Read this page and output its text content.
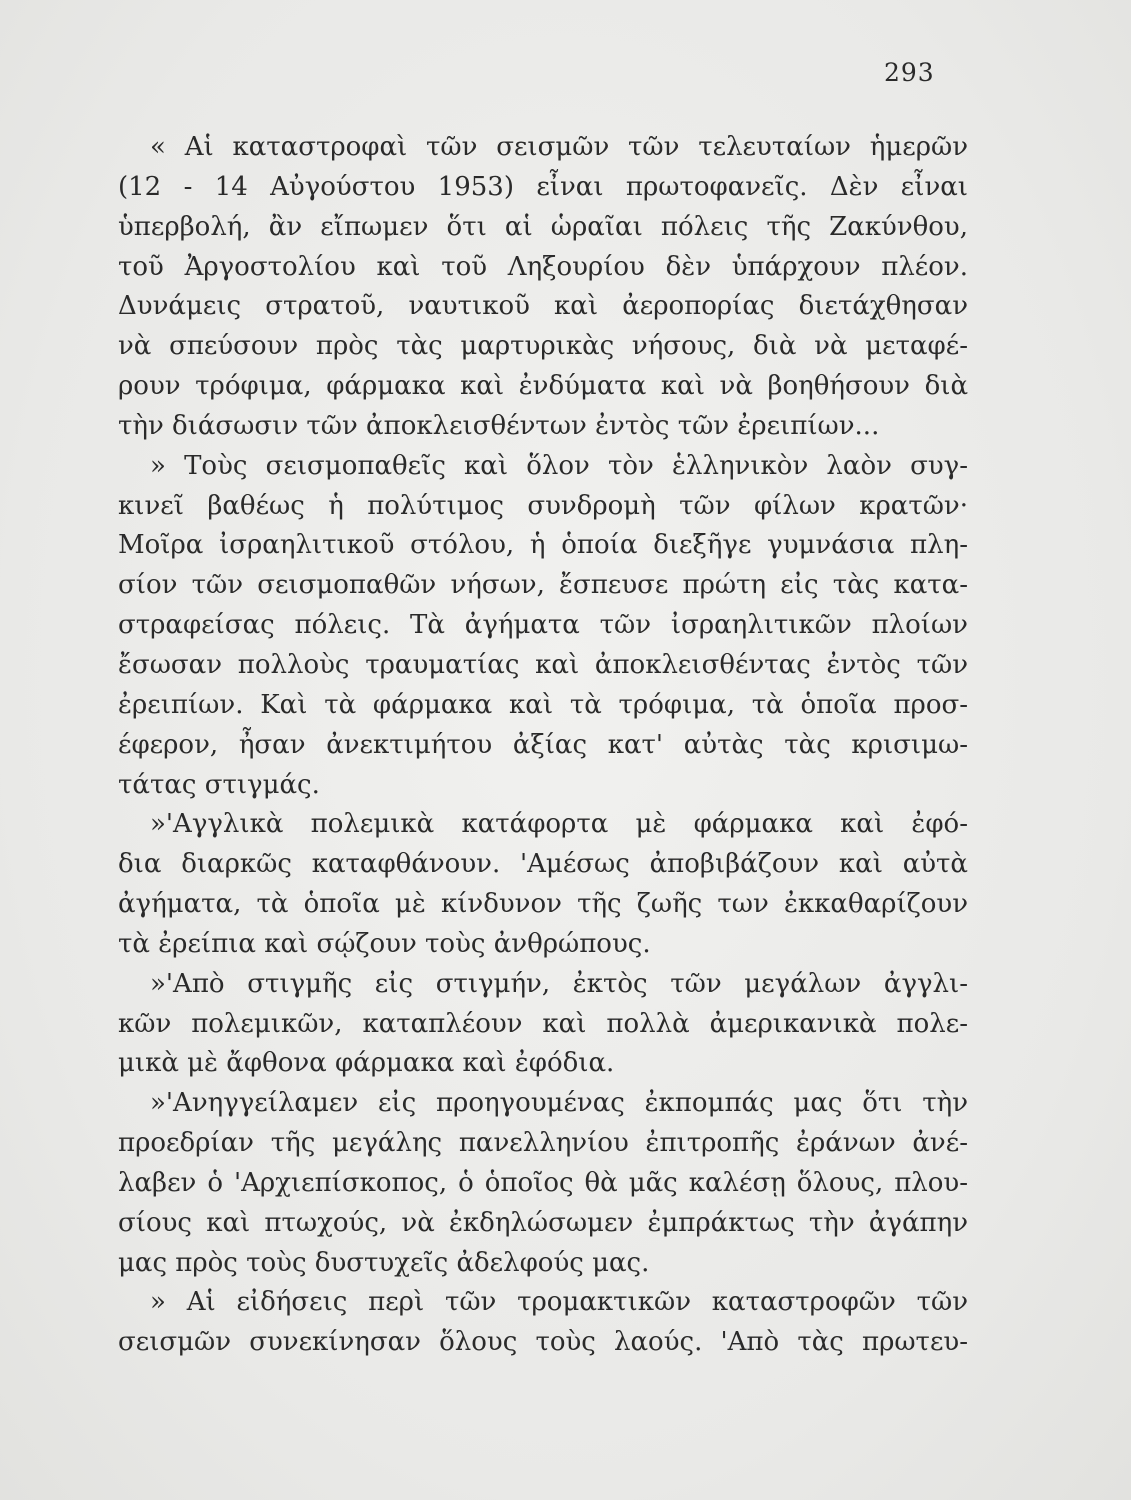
293
« Αἱ καταστροφαὶ τῶν σεισμῶν τῶν τελευταίων ἡμερῶν
(12 - 14 Αὐγούστου 1953) εἶναι πρωτοφανεῖς. Δὲν εἶναι
ὑπερβολή, ἂν εἴπωμεν ὅτι αἱ ὡραῖαι πόλεις τῆς Ζακύνθου,
τοῦ Ἀργοστολίου καὶ τοῦ Ληξουρίου δὲν ὑπάρχουν πλέον.
Δυνάμεις στρατοῦ, ναυτικοῦ καὶ ἀεροπορίας διετάχθησαν
νὰ σπεύσουν πρὸς τὰς μαρτυρικὰς νήσους, διὰ νὰ μεταφέ-
ρουν τρόφιμα, φάρμακα καὶ ἐνδύματα καὶ νὰ βοηθήσουν διὰ
τὴν διάσωσιν τῶν ἀποκλεισθέντων ἐντὸς τῶν ἐρειπίων...
» Τοὺς σεισμοπαθεῖς καὶ ὅλον τὸν ἑλληνικὸν λαὸν συγ-
κινεῖ βαθέως ἡ πολύτιμος συνδρομὴ τῶν φίλων κρατῶν·
Μοῖρα ἰσραηλιτικοῦ στόλου, ἡ ὁποία διεξῆγε γυμνάσια πλη-
σίον τῶν σεισμοπαθῶν νήσων, ἔσπευσε πρώτη εἰς τὰς κατα-
στραφείσας πόλεις. Τὰ ἀγήματα τῶν ἰσραηλιτικῶν πλοίων
ἔσωσαν πολλοὺς τραυματίας καὶ ἀποκλεισθέντας ἐντὸς τῶν
ἐρειπίων. Καὶ τὰ φάρμακα καὶ τὰ τρόφιμα, τὰ ὁποῖα προσ-
έφερον, ἦσαν ἀνεκτιμήτου ἀξίας κατ' αὐτὰς τὰς κρισιμω-
τάτας στιγμάς.
»'Αγγλικὰ πολεμικὰ κατάφορτα μὲ φάρμακα καὶ ἐφό-
δια διαρκῶς καταφθάνουν. 'Αμέσως ἀποβιβάζουν καὶ αὐτὰ
ἀγήματα, τὰ ὁποῖα μὲ κίνδυνον τῆς ζωῆς των ἐκκαθαρίζουν
τὰ ἐρείπια καὶ σῴζουν τοὺς ἀνθρώπους.
»'Απὸ στιγμῆς εἰς στιγμήν, ἐκτὸς τῶν μεγάλων ἀγγλι-
κῶν πολεμικῶν, καταπλέουν καὶ πολλὰ ἀμερικανικὰ πολε-
μικὰ μὲ ἄφθονα φάρμακα καὶ ἐφόδια.
»'Ανηγγείλαμεν εἰς προηγουμένας ἐκπομπάς μας ὅτι τὴν
προεδρίαν τῆς μεγάλης πανελληνίου ἐπιτροπῆς ἐράνων ἀνέ-
λαβεν ὁ 'Αρχιεπίσκοπος, ὁ ὁποῖος θὰ μᾶς καλέσῃ ὅλους, πλου-
σίους καὶ πτωχούς, νὰ ἐκδηλώσωμεν ἐμπράκτως τὴν ἀγάπην
μας πρὸς τοὺς δυστυχεῖς ἀδελφούς μας.
» Αἱ εἰδήσεις περὶ τῶν τρομακτικῶν καταστροφῶν τῶν
σεισμῶν συνεκίνησαν ὅλους τοὺς λαούς. 'Απὸ τὰς πρωτευ-
